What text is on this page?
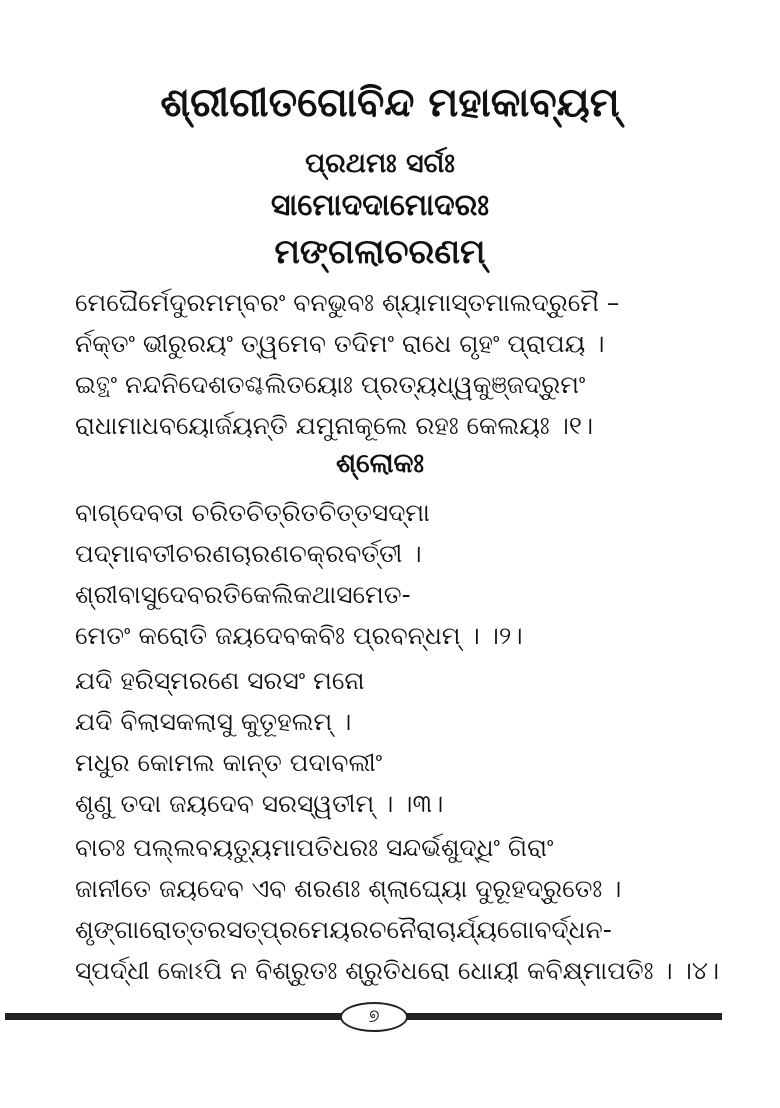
ଶ୍ରୀଗୀତଗୋବିନ୍ଦ ମହାକାବ୍ୟମ୍
ପ୍ରଥମଃ ସର୍ଗଃ
ସାମୋଦଦାମୋଦରଃ
ମଙ୍ଗଲାଚରଣମ୍
ମେଘୈର୍ମେଦୁରମମ୍ବରଂ ବନଭୁବଃ ଶ୍ୟାମାସ୍ତମାଲଦ୍ରୁମୈ –
ର୍ନକ୍ତଂ ଭୀରୁରୟଂ ତ୍ୱମେବ ତଦିମଂ ରାଧେ ଗୃହଂ ପ୍ରାପୟ ।
ଇତ୍ଥଂ ନନ୍ଦନିଦେଶତଶ୍ଚଲିତୟୋଃ ପ୍ରତ୍ୟଧ୍ୱକୁଞ୍ଜଦ୍ରୁମଂ
ରାଧାମାଧବୟୋର୍ଜୟନ୍ତି ଯମୁନାକୂଲେ ରହଃ କେଲୟଃ ।୧।
ଶ୍ଲୋକଃ
ବାଗ୍‌ଦେବତା ଚରିତଚିତ୍ରିତଚିତ୍ତସଦ୍ମା
ପଦ୍ମାବତୀଚରଣଚାରଣଚକ୍ରବର୍ତ୍ତୀ ।
ଶ୍ରୀବାସୁଦେବରତିକେଲିକଥାସମେତ-
ମେତଂ କରୋତି ଜୟଦେବକବିଃ ପ୍ରବନ୍ଧମ୍ । ।୨।
ଯଦି ହରିସ୍ମରଣେ ସରସଂ ମନୋ
ଯଦି ବିଲାସକଲାସୁ କୁତୂହଲମ୍ ।
ମଧୁର କୋମଲ କାନ୍ତ ପଦାବଲୀଂ
ଶୃଣୁ ତଦା ଜୟଦେବ ସରସ୍ୱତୀମ୍ । ।୩।
ବାଚଃ ପଲ୍ଲବୟତ୍ୟୁମାପତିଧରଃ ସନ୍ଦର୍ଭଶୁଦ୍ଧିଂ ଗିରାଂ
ଜାନୀତେ ଜୟଦେବ ଏବ ଶରଣଃ ଶ୍ଲାଘ୍ୟୋ ଦୁରୂହଦ୍ରୁତେଃ ।
ଶୃଙ୍ଗାରୋତ୍ତରସତ୍‌ପ୍ରମେୟରଚନୈରାଚାର୍ଯ୍ୟଗୋବର୍ଦ୍ଧନ-
ସ୍ପର୍ଦ୍ଧୀ କୋଽପି ନ ବିଶ୍ରୁତଃ ଶ୍ରୁତିଧରୋ ଧୋୟୀ କବିକ୍ଷ୍ମାପତିଃ । ।୪।
୭
